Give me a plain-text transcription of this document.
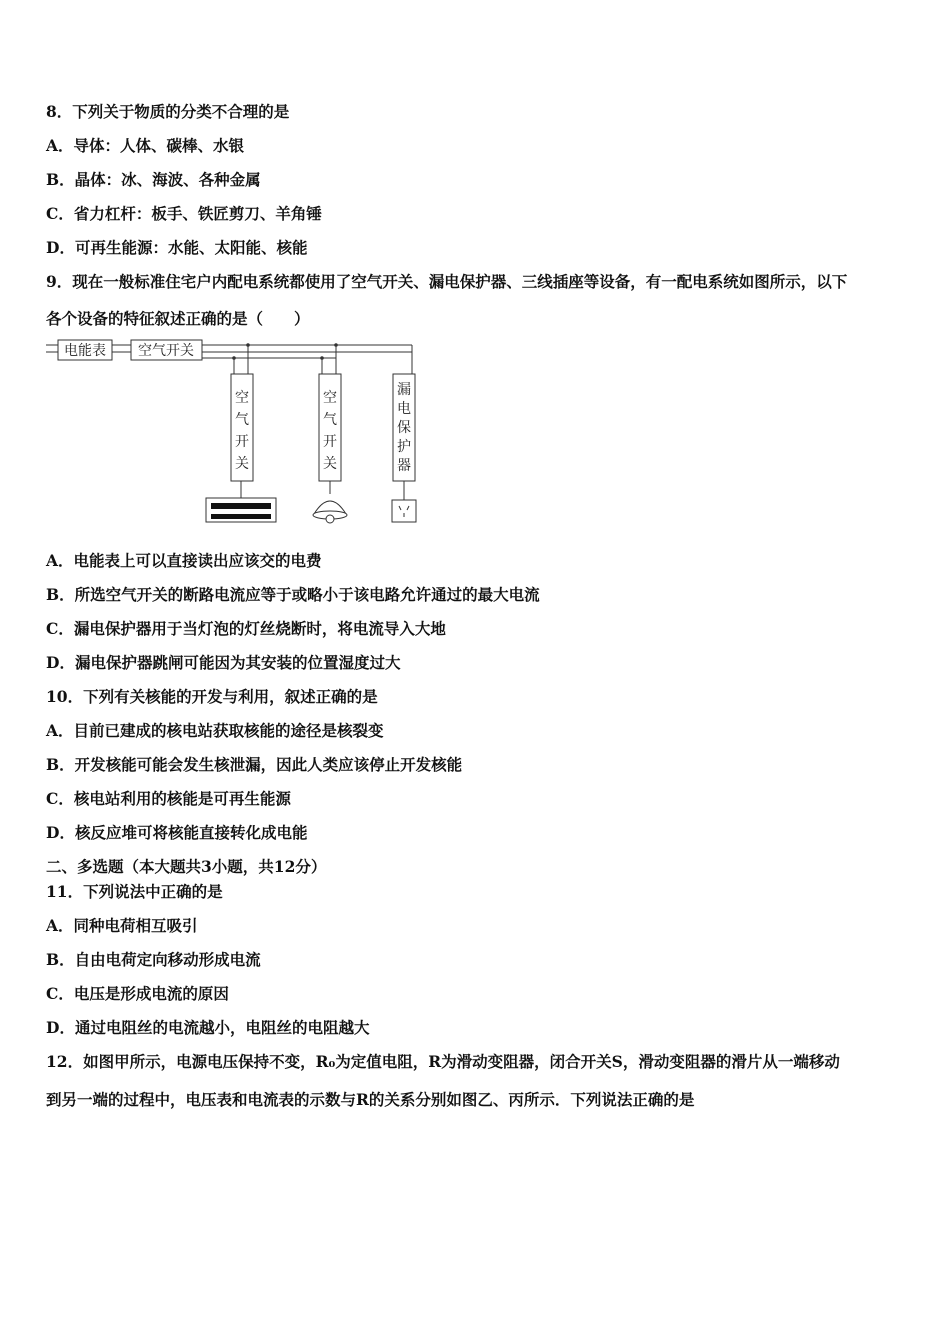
8．下列关于物质的分类不合理的是
A．导体：人体、碳棒、水银
B．晶体：冰、海波、各种金属
C．省力杠杆：板手、铁匠剪刀、羊角锤
D．可再生能源：水能、太阳能、核能
9．现在一般标准住宅户内配电系统都使用了空气开关、漏电保护器、三线插座等设备，有一配电系统如图所示，以下
各个设备的特征叙述正确的是（　　）
电能表 空气开关
空气开关
空气开关
漏电保护器
A．电能表上可以直接读出应该交的电费
B．所选空气开关的断路电流应等于或略小于该电路允许通过的最大电流
C．漏电保护器用于当灯泡的灯丝烧断时，将电流导入大地
D．漏电保护器跳闸可能因为其安装的位置湿度过大
10．下列有关核能的开发与利用，叙述正确的是
A．目前已建成的核电站获取核能的途径是核裂变
B．开发核能可能会发生核泄漏，因此人类应该停止开发核能
C．核电站利用的核能是可再生能源
D．核反应堆可将核能直接转化成电能
二、多选题（本大题共3小题，共12分）
11．下列说法中正确的是
A．同种电荷相互吸引
B．自由电荷定向移动形成电流
C．电压是形成电流的原因
D．通过电阻丝的电流越小，电阻丝的电阻越大
12．如图甲所示，电源电压保持不变，R₀为定值电阻，R为滑动变阻器，闭合开关S，滑动变阻器的滑片从一端移动
到另一端的过程中，电压表和电流表的示数与R的关系分别如图乙、丙所示．下列说法正确的是
